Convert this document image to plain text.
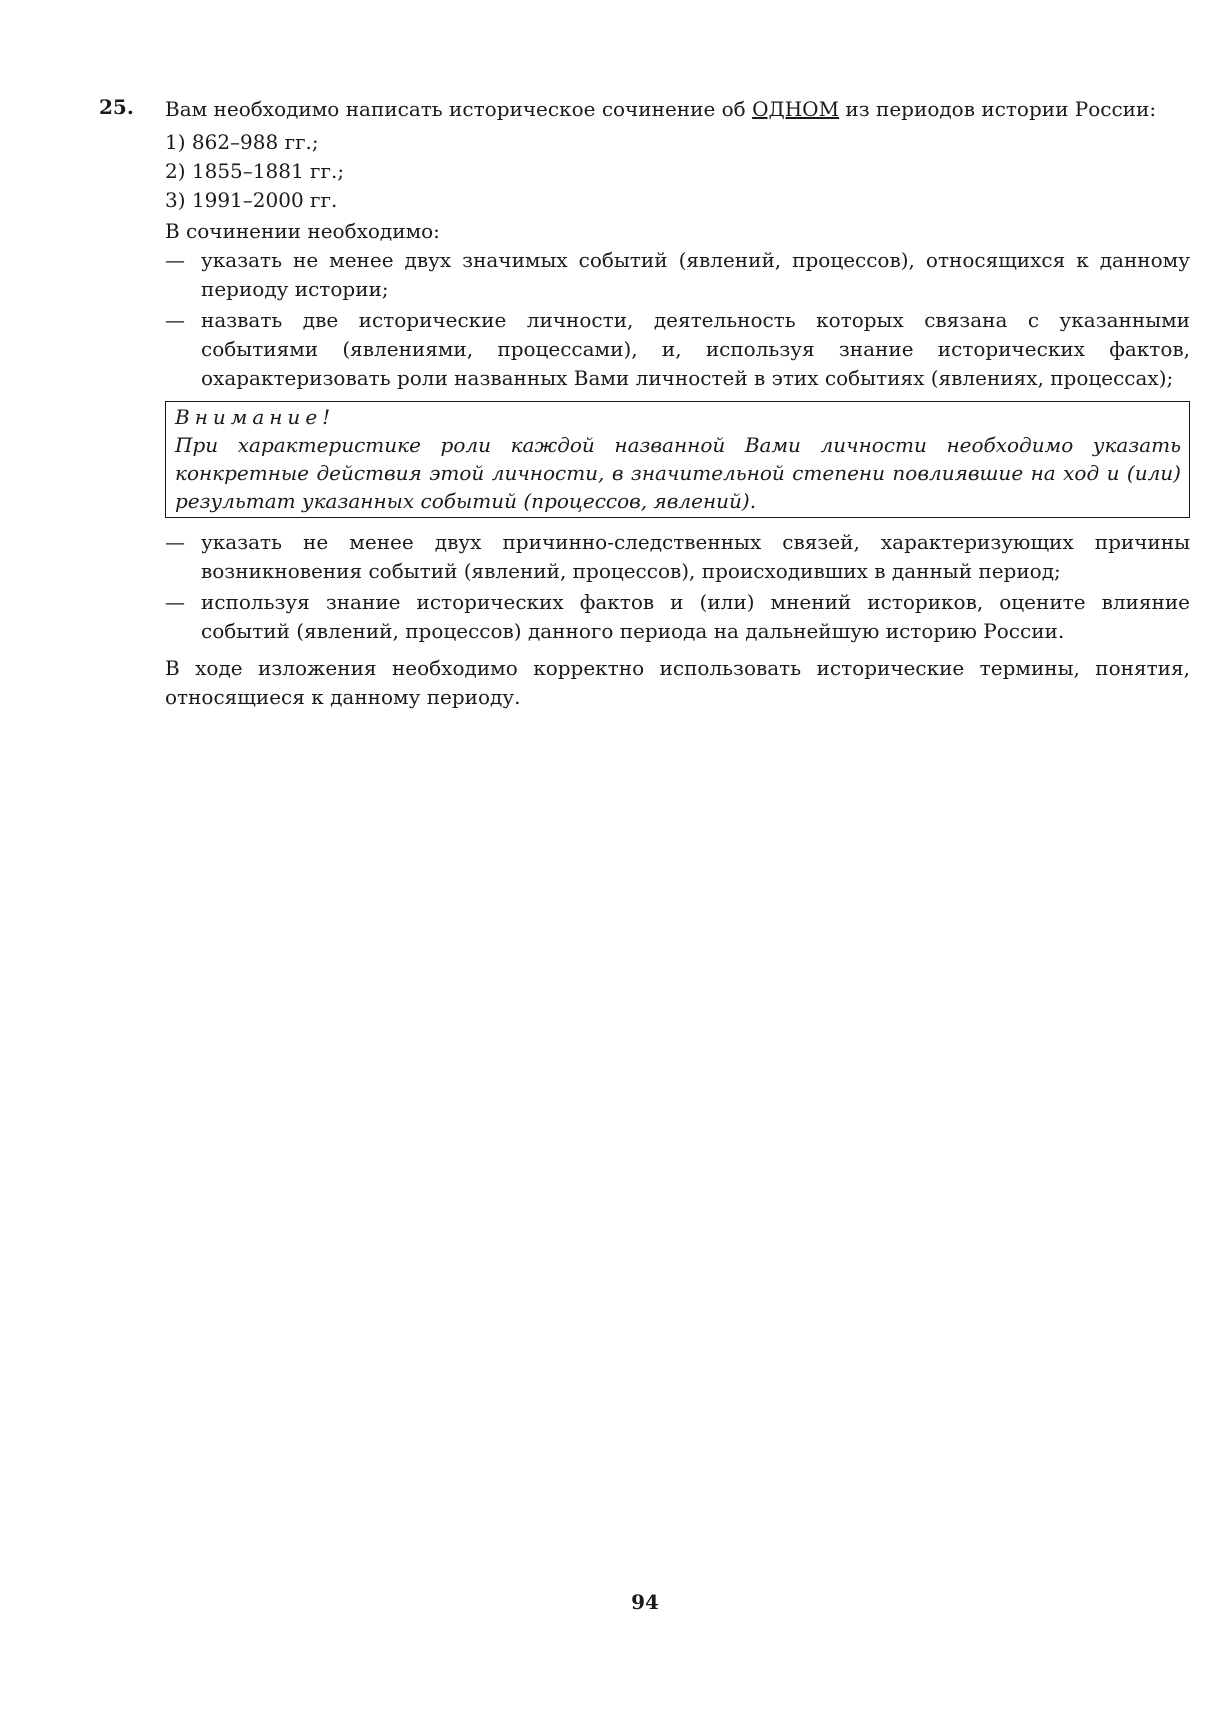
25. Вам необходимо написать историческое сочинение об ОДНОМ из периодов истории России:

1) 862–988 гг.;
2) 1855–1881 гг.;
3) 1991–2000 гг.

В сочинении необходимо:

— указать не менее двух значимых событий (явлений, процессов), относящихся к данному периоду истории;
— назвать две исторические личности, деятельность которых связана с указанными событиями (явлениями, процессами), и, используя знание исторических фактов, охарактеризовать роли названных Вами личностей в этих событиях (явлениях, процессах);
Внимание!

При характеристике роли каждой названной Вами личности необходимо указать конкретные действия этой личности, в значительной степени повлиявшие на ход и (или) результат указанных событий (процессов, явлений).

— указать не менее двух причинно-следственных связей, характеризующих причины возникновения событий (явлений, процессов), происходивших в данный период;
— используя знание исторических фактов и (или) мнений историков, оцените влияние событий (явлений, процессов) данного периода на дальнейшую историю России.

В ходе изложения необходимо корректно использовать исторические термины, понятия, относящиеся к данному периоду.

94
